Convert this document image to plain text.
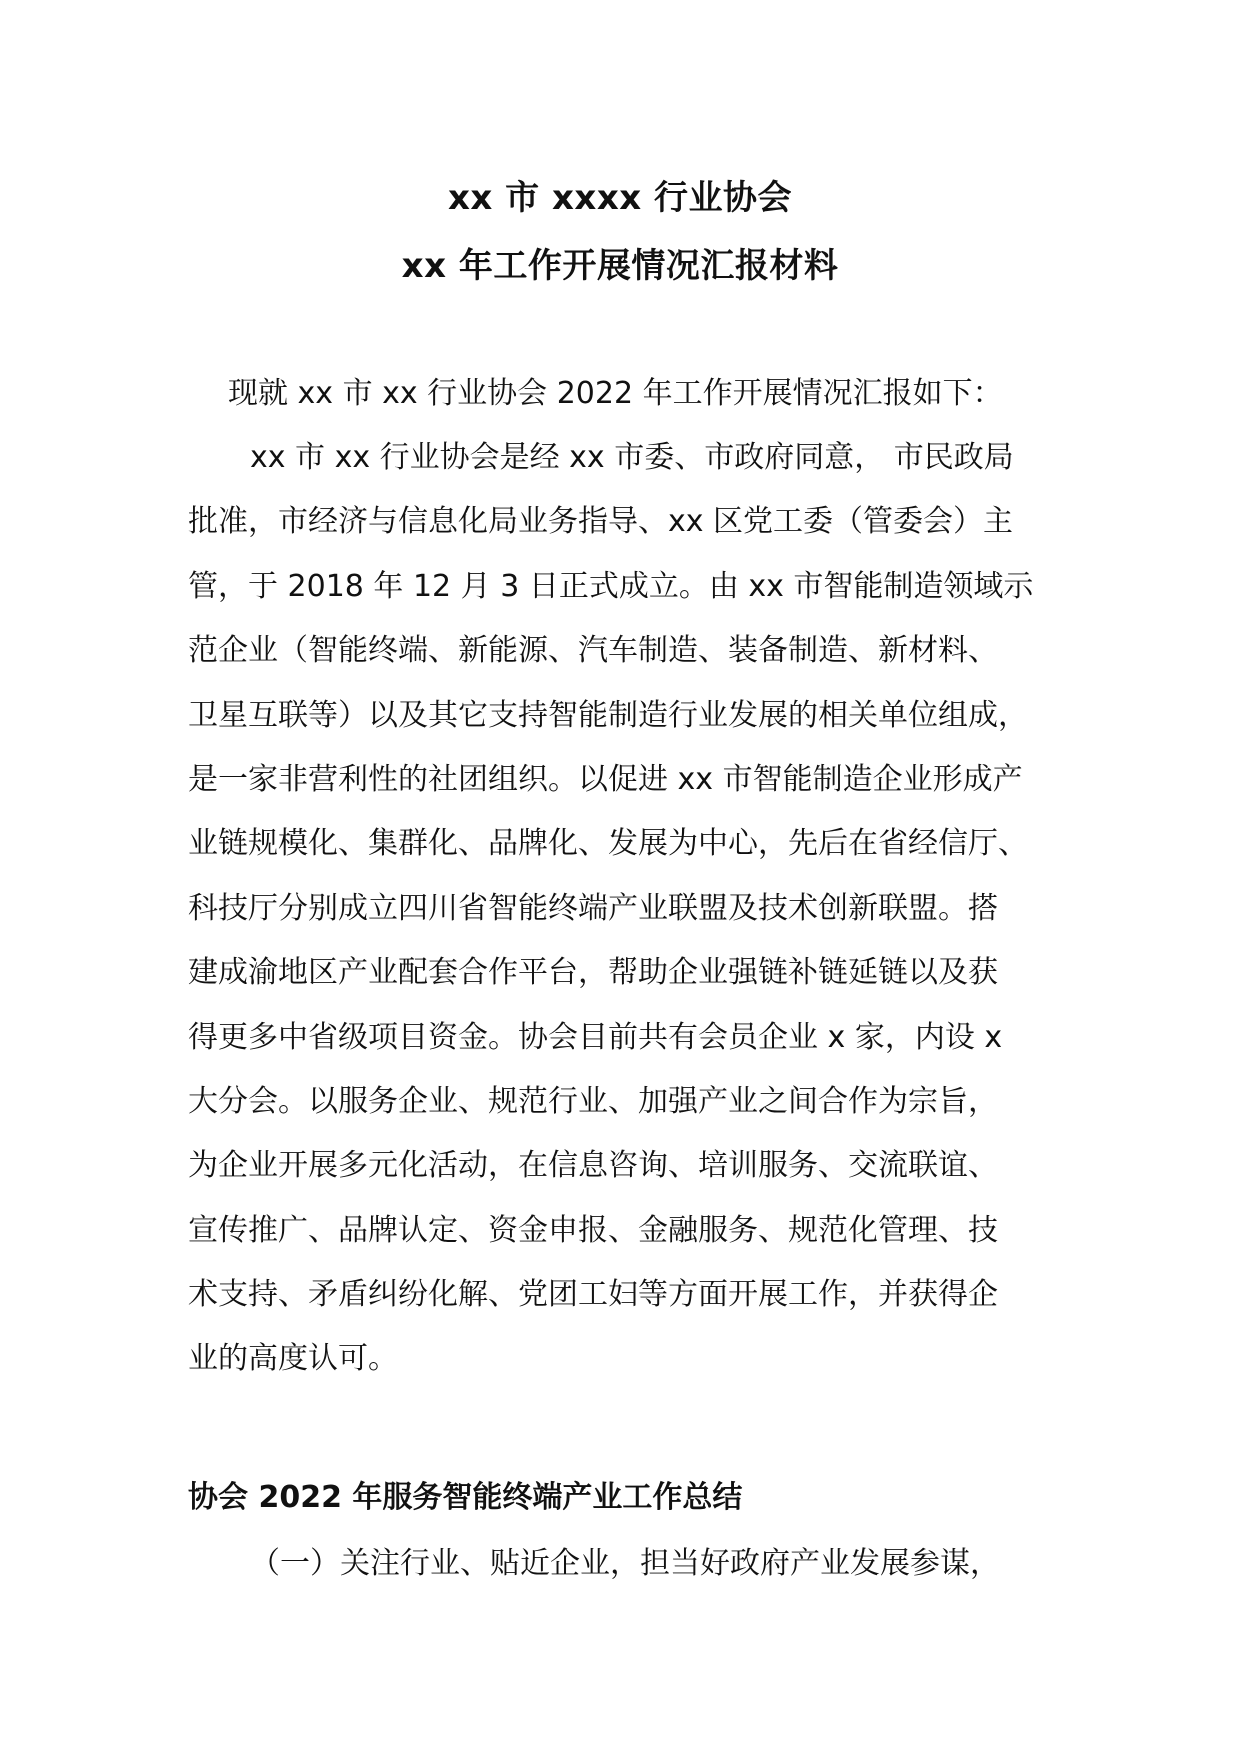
xx 市 xxxx 行业协会
xx 年工作开展情况汇报材料

现就 xx 市 xx 行业协会 2022 年工作开展情况汇报如下：

xx 市 xx 行业协会是经 xx 市委、市政府同意， 市民政局
批准，市经济与信息化局业务指导、xx 区党工委（管委会）主
管，于 2018 年 12 月 3 日正式成立。由 xx 市智能制造领域示
范企业（智能终端、新能源、汽车制造、装备制造、新材料、
卫星互联等）以及其它支持智能制造行业发展的相关单位组成，
是一家非营利性的社团组织。以促进 xx 市智能制造企业形成产
业链规模化、集群化、品牌化、发展为中心，先后在省经信厅、
科技厅分别成立四川省智能终端产业联盟及技术创新联盟。搭
建成渝地区产业配套合作平台，帮助企业强链补链延链以及获
得更多中省级项目资金。协会目前共有会员企业 x 家，内设 x
大分会。以服务企业、规范行业、加强产业之间合作为宗旨，
为企业开展多元化活动，在信息咨询、培训服务、交流联谊、
宣传推广、品牌认定、资金申报、金融服务、规范化管理、技
术支持、矛盾纠纷化解、党团工妇等方面开展工作，并获得企
业的高度认可。
协会 2022 年服务智能终端产业工作总结

（一）关注行业、贴近企业，担当好政府产业发展参谋，
